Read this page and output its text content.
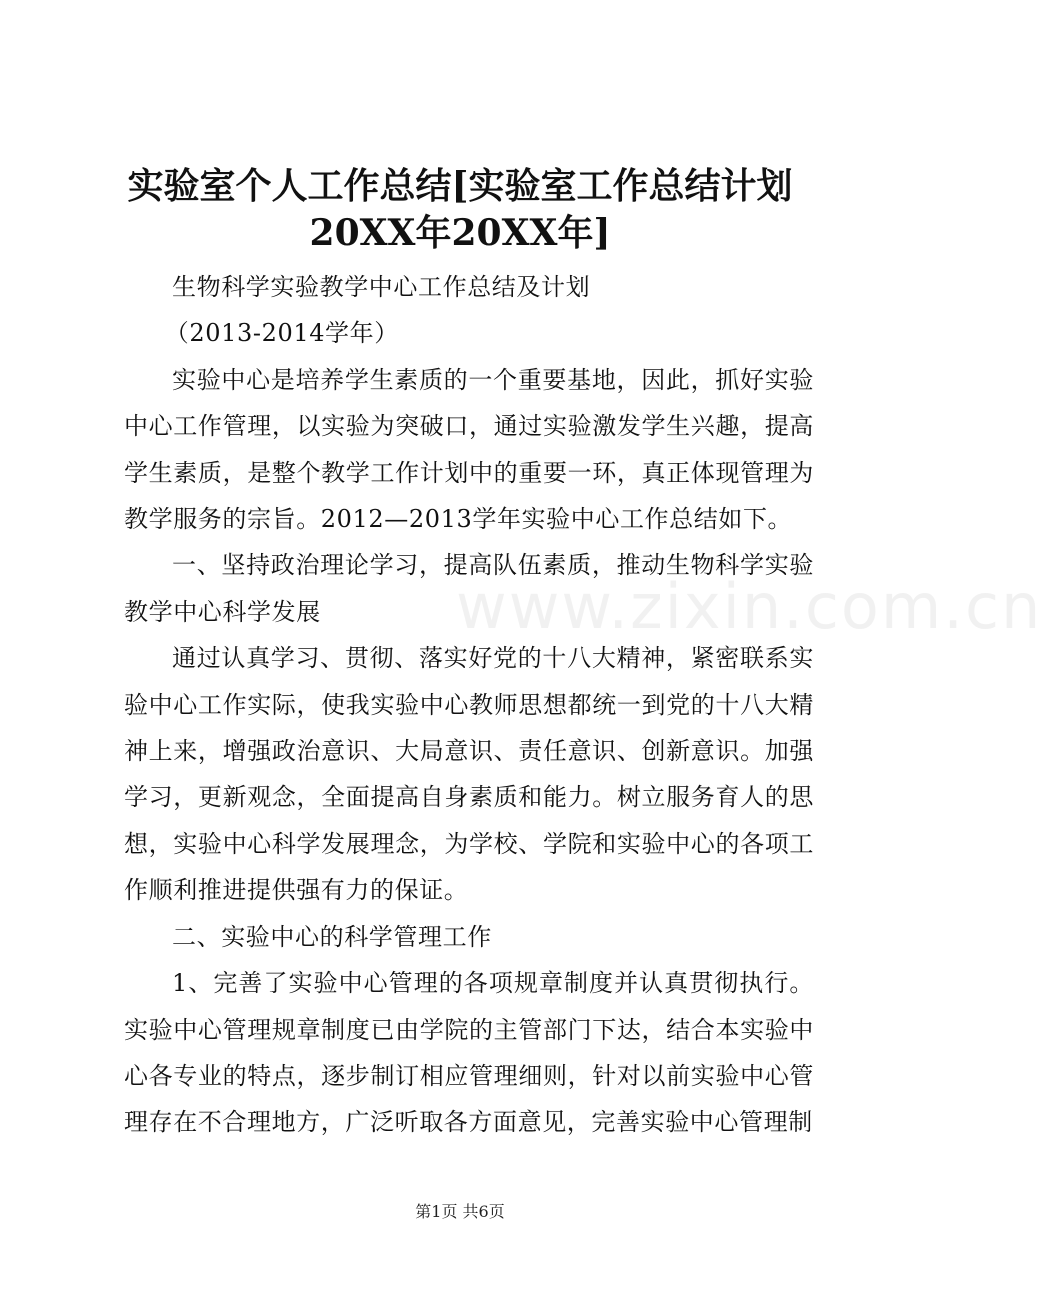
实验室个人工作总结[实验室工作总结计划
20XX年20XX年]

生物科学实验教学中心工作总结及计划

（2013-2014学年）

实验中心是培养学生素质的一个重要基地，因此，抓好实验中心工作管理，以实验为突破口，通过实验激发学生兴趣，提高学生素质，是整个教学工作计划中的重要一环，真正体现管理为教学服务的宗旨。2012—2013学年实验中心工作总结如下。

一、坚持政治理论学习，提高队伍素质，推动生物科学实验教学中心科学发展

通过认真学习、贯彻、落实好党的十八大精神，紧密联系实验中心工作实际，使我实验中心教师思想都统一到党的十八大精神上来，增强政治意识、大局意识、责任意识、创新意识。加强学习，更新观念，全面提高自身素质和能力。树立服务育人的思想，实验中心科学发展理念，为学校、学院和实验中心的各项工作顺利推进提供强有力的保证。

二、实验中心的科学管理工作

1、完善了实验中心管理的各项规章制度并认真贯彻执行。实验中心管理规章制度已由学院的主管部门下达，结合本实验中心各专业的特点，逐步制订相应管理细则，针对以前实验中心管理存在不合理地方，广泛听取各方面意见，完善实验中心管理制

www.zixin.com.cn
第1页 共6页
